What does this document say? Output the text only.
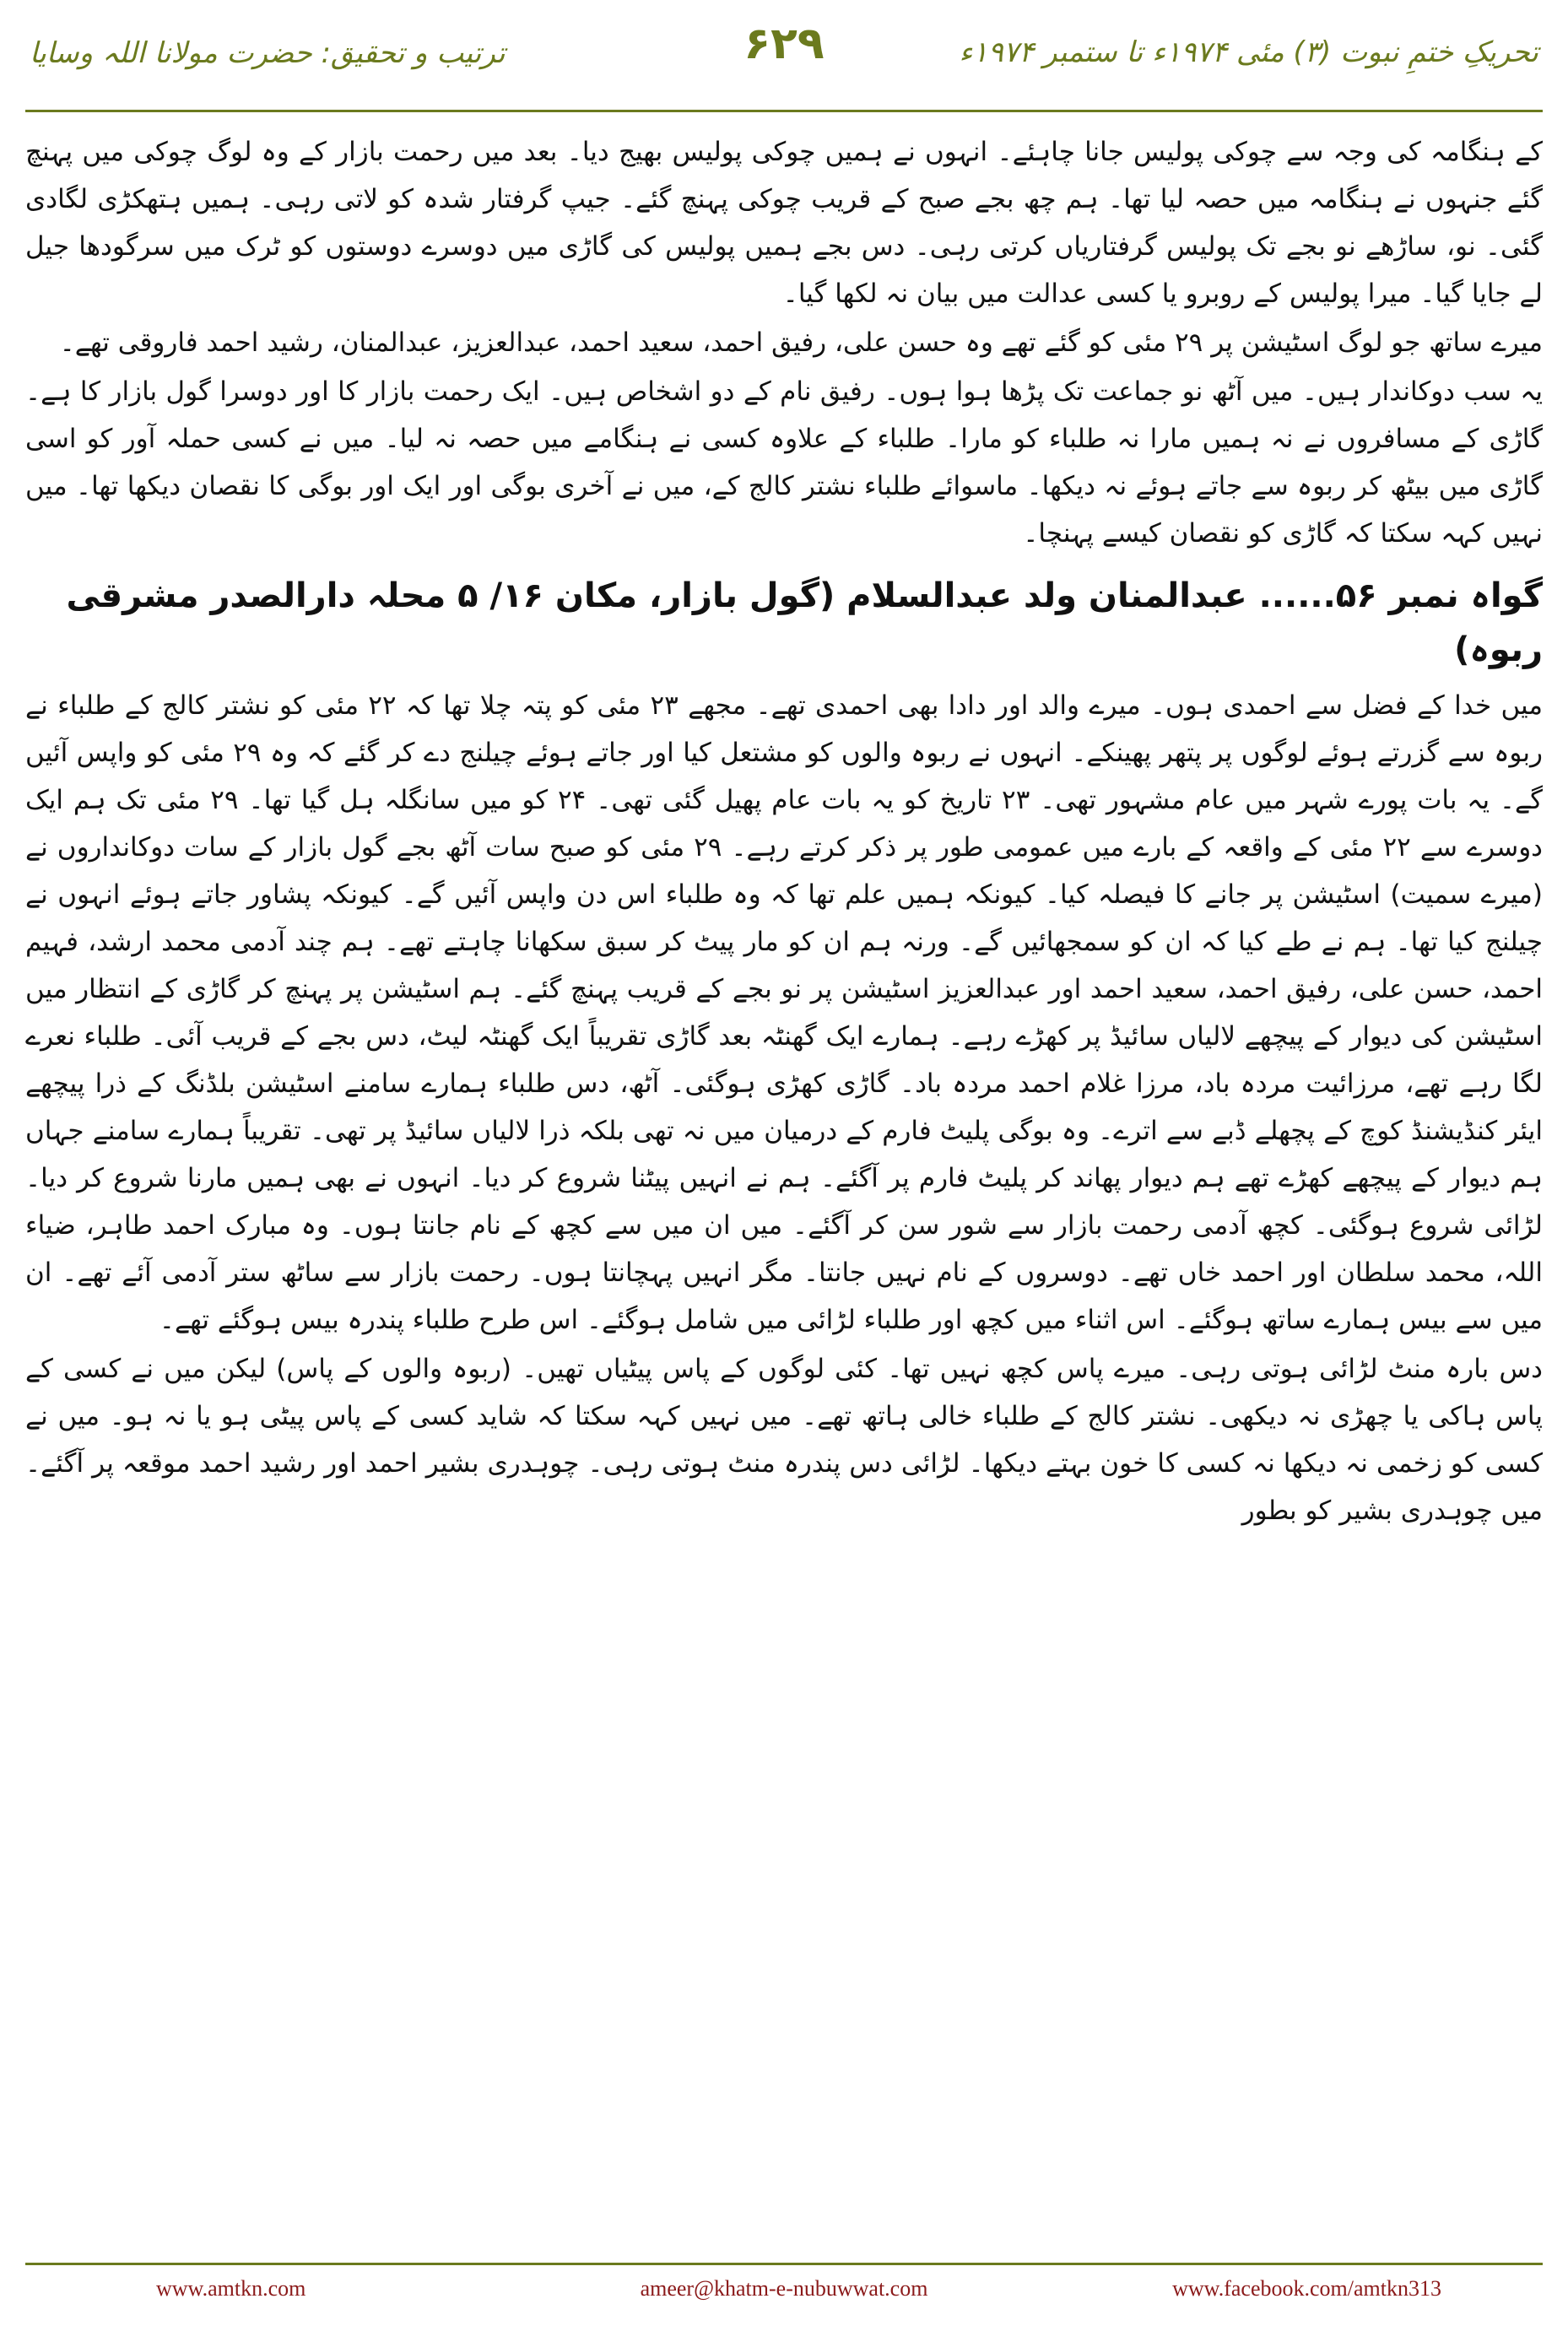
تحریکِ ختمِ نبوت (۳) مئی ۱۹۷۴ء تا ستمبر ۱۹۷۴ء
۶۲۹
ترتیب و تحقیق: حضرت مولانا اللہ وسایا

کے ہنگامہ کی وجہ سے چوکی پولیس جانا چاہئے۔ انہوں نے ہمیں چوکی پولیس بھیج دیا۔ بعد میں رحمت بازار کے وہ لوگ چوکی میں پہنچ گئے جنہوں نے ہنگامہ میں حصہ لیا تھا۔ ہم چھ بجے صبح کے قریب چوکی پہنچ گئے۔ جیپ گرفتار شدہ کو لاتی رہی۔ ہمیں ہتھکڑی لگادی گئی۔ نو، ساڑھے نو بجے تک پولیس گرفتاریاں کرتی رہی۔ دس بجے ہمیں پولیس کی گاڑی میں دوسرے دوستوں کو ٹرک میں سرگودھا جیل لے جایا گیا۔ میرا پولیس کے روبرو یا کسی عدالت میں بیان نہ لکھا گیا۔

میرے ساتھ جو لوگ اسٹیشن پر ۲۹ مئی کو گئے تھے وہ حسن علی، رفیق احمد، سعید احمد، عبدالعزیز، عبدالمنان، رشید احمد فاروقی تھے۔

یہ سب دوکاندار ہیں۔ میں آٹھ نو جماعت تک پڑھا ہوا ہوں۔ رفیق نام کے دو اشخاص ہیں۔ ایک رحمت بازار کا اور دوسرا گول بازار کا ہے۔ گاڑی کے مسافروں نے نہ ہمیں مارا نہ طلباء کو مارا۔ طلباء کے علاوہ کسی نے ہنگامے میں حصہ نہ لیا۔ میں نے کسی حملہ آور کو اسی گاڑی میں بیٹھ کر ربوہ سے جاتے ہوئے نہ دیکھا۔ ماسوائے طلباء نشتر کالج کے، میں نے آخری بوگی اور ایک اور بوگی کا نقصان دیکھا تھا۔ میں نہیں کہہ سکتا کہ گاڑی کو نقصان کیسے پہنچا۔

گواہ نمبر ۵۶...... عبدالمنان ولد عبدالسلام (گول بازار، مکان ۱۶/ ۵ محلہ دارالصدر مشرقی ربوہ)

میں خدا کے فضل سے احمدی ہوں۔ میرے والد اور دادا بھی احمدی تھے۔ مجھے ۲۳ مئی کو پتہ چلا تھا کہ ۲۲ مئی کو نشتر کالج کے طلباء نے ربوہ سے گزرتے ہوئے لوگوں پر پتھر پھینکے۔ انہوں نے ربوہ والوں کو مشتعل کیا اور جاتے ہوئے چیلنج دے کر گئے کہ وہ ۲۹ مئی کو واپس آئیں گے۔ یہ بات پورے شہر میں عام مشہور تھی۔ ۲۳ تاریخ کو یہ بات عام پھیل گئی تھی۔ ۲۴ کو میں سانگلہ ہل گیا تھا۔ ۲۹ مئی تک ہم ایک دوسرے سے ۲۲ مئی کے واقعہ کے بارے میں عمومی طور پر ذکر کرتے رہے۔ ۲۹ مئی کو صبح سات آٹھ بجے گول بازار کے سات دوکانداروں نے (میرے سمیت) اسٹیشن پر جانے کا فیصلہ کیا۔ کیونکہ ہمیں علم تھا کہ وہ طلباء اس دن واپس آئیں گے۔ کیونکہ پشاور جاتے ہوئے انہوں نے چیلنج کیا تھا۔ ہم نے طے کیا کہ ان کو سمجھائیں گے۔ ورنہ ہم ان کو مار پیٹ کر سبق سکھانا چاہتے تھے۔ ہم چند آدمی محمد ارشد، فہیم احمد، حسن علی، رفیق احمد، سعید احمد اور عبدالعزیز اسٹیشن پر نو بجے کے قریب پہنچ گئے۔ ہم اسٹیشن پر پہنچ کر گاڑی کے انتظار میں اسٹیشن کی دیوار کے پیچھے لالیاں سائیڈ پر کھڑے رہے۔ ہمارے ایک گھنٹہ بعد گاڑی تقریباً ایک گھنٹہ لیٹ، دس بجے کے قریب آئی۔ طلباء نعرے لگا رہے تھے، مرزائیت مردہ باد، مرزا غلام احمد مردہ باد۔ گاڑی کھڑی ہوگئی۔ آٹھ، دس طلباء ہمارے سامنے اسٹیشن بلڈنگ کے ذرا پیچھے ایئر کنڈیشنڈ کوچ کے پچھلے ڈبے سے اترے۔ وہ بوگی پلیٹ فارم کے درمیان میں نہ تھی بلکہ ذرا لالیاں سائیڈ پر تھی۔ تقریباً ہمارے سامنے جہاں ہم دیوار کے پیچھے کھڑے تھے ہم دیوار پھاند کر پلیٹ فارم پر آگئے۔ ہم نے انہیں پیٹنا شروع کر دیا۔ انہوں نے بھی ہمیں مارنا شروع کر دیا۔ لڑائی شروع ہوگئی۔ کچھ آدمی رحمت بازار سے شور سن کر آگئے۔ میں ان میں سے کچھ کے نام جانتا ہوں۔ وہ مبارک احمد طاہر، ضیاء اللہ، محمد سلطان اور احمد خاں تھے۔ دوسروں کے نام نہیں جانتا۔ مگر انہیں پہچانتا ہوں۔ رحمت بازار سے ساٹھ ستر آدمی آئے تھے۔ ان میں سے بیس ہمارے ساتھ ہوگئے۔ اس اثناء میں کچھ اور طلباء لڑائی میں شامل ہوگئے۔ اس طرح طلباء پندرہ بیس ہوگئے تھے۔

دس بارہ منٹ لڑائی ہوتی رہی۔ میرے پاس کچھ نہیں تھا۔ کئی لوگوں کے پاس پیٹیاں تھیں۔ (ربوہ والوں کے پاس) لیکن میں نے کسی کے پاس ہاکی یا چھڑی نہ دیکھی۔ نشتر کالج کے طلباء خالی ہاتھ تھے۔ میں نہیں کہہ سکتا کہ شاید کسی کے پاس پیٹی ہو یا نہ ہو۔ میں نے کسی کو زخمی نہ دیکھا نہ کسی کا خون بہتے دیکھا۔ لڑائی دس پندرہ منٹ ہوتی رہی۔ چوہدری بشیر احمد اور رشید احمد موقعہ پر آگئے۔ میں چوہدری بشیر کو بطور

www.amtkn.com	ameer@khatm-e-nubuwwat.com	www.facebook.com/amtkn313
